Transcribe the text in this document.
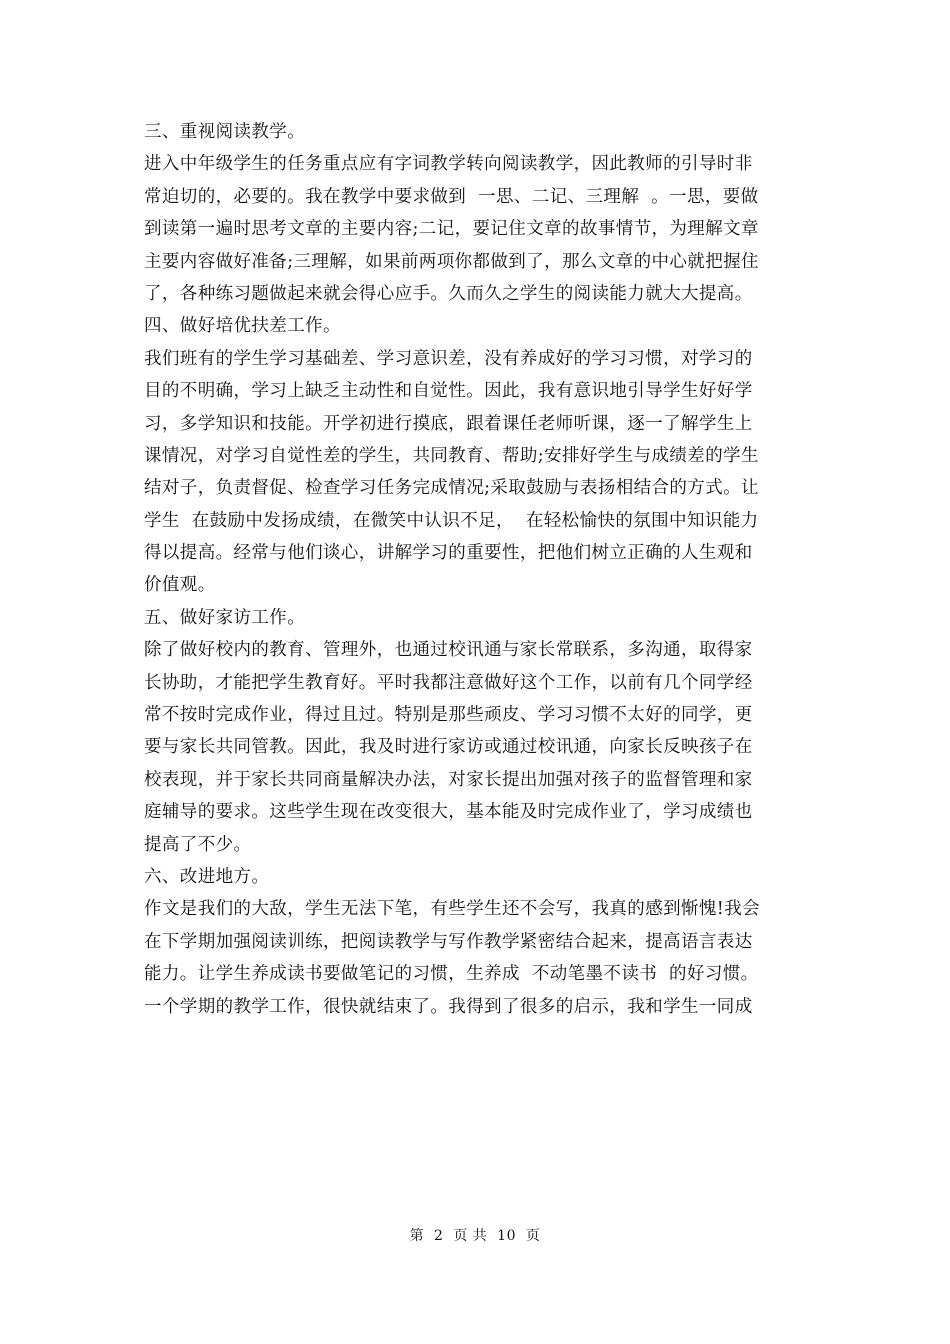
三、重视阅读教学。
进入中年级学生的任务重点应有字词教学转向阅读教学，因此教师的引导时非
常迫切的，必要的。我在教学中要求做到  一思、二记、三理解  。一思，要做
到读第一遍时思考文章的主要内容;二记，要记住文章的故事情节，为理解文章
主要内容做好准备;三理解，如果前两项你都做到了，那么文章的中心就把握住
了，各种练习题做起来就会得心应手。久而久之学生的阅读能力就大大提高。
四、做好培优扶差工作。
我们班有的学生学习基础差、学习意识差，没有养成好的学习习惯，对学习的
目的不明确，学习上缺乏主动性和自觉性。因此，我有意识地引导学生好好学
习，多学知识和技能。开学初进行摸底，跟着课任老师听课，逐一了解学生上
课情况，对学习自觉性差的学生，共同教育、帮助;安排好学生与成绩差的学生
结对子，负责督促、检查学习任务完成情况;采取鼓励与表扬相结合的方式。让
学生  在鼓励中发扬成绩，在微笑中认识不足，  在轻松愉快的氛围中知识能力
得以提高。经常与他们谈心，讲解学习的重要性，把他们树立正确的人生观和
价值观。
五、做好家访工作。
除了做好校内的教育、管理外，也通过校讯通与家长常联系，多沟通，取得家
长协助，才能把学生教育好。平时我都注意做好这个工作，以前有几个同学经
常不按时完成作业，得过且过。特别是那些顽皮、学习习惯不太好的同学，更
要与家长共同管教。因此，我及时进行家访或通过校讯通，向家长反映孩子在
校表现，并于家长共同商量解决办法，对家长提出加强对孩子的监督管理和家
庭辅导的要求。这些学生现在改变很大，基本能及时完成作业了，学习成绩也
提高了不少。
六、改进地方。
作文是我们的大敌，学生无法下笔，有些学生还不会写，我真的感到惭愧!我会
在下学期加强阅读训练，把阅读教学与写作教学紧密结合起来，提高语言表达
能力。让学生养成读书要做笔记的习惯，生养成  不动笔墨不读书  的好习惯。
一个学期的教学工作，很快就结束了。我得到了很多的启示，我和学生一同成
第  2  页 共  10  页
